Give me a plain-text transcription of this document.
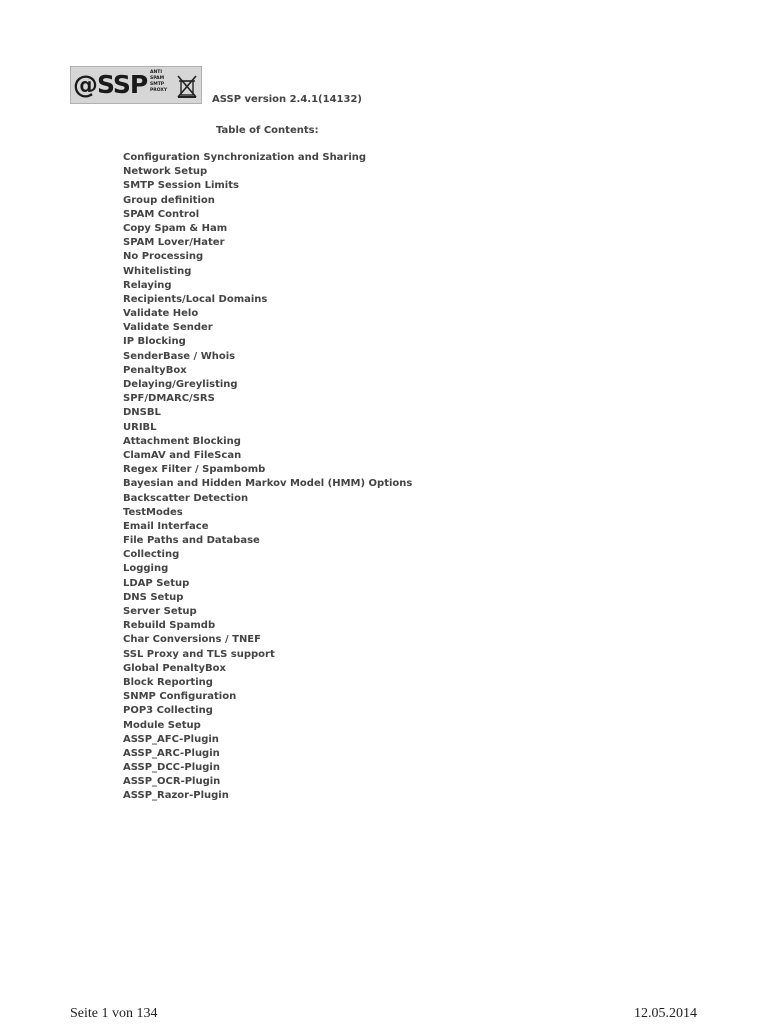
@SSP ANTI
SPAM
SMTP
PROXY
ASSP version 2.4.1(14132)
Table of Contents:
Configuration Synchronization and Sharing
Network Setup
SMTP Session Limits
Group definition
SPAM Control
Copy Spam & Ham
SPAM Lover/Hater
No Processing
Whitelisting
Relaying
Recipients/Local Domains
Validate Helo
Validate Sender
IP Blocking
SenderBase / Whois
PenaltyBox
Delaying/Greylisting
SPF/DMARC/SRS
DNSBL
URIBL
Attachment Blocking
ClamAV and FileScan
Regex Filter / Spambomb
Bayesian and Hidden Markov Model (HMM) Options
Backscatter Detection
TestModes
Email Interface
File Paths and Database
Collecting
Logging
LDAP Setup
DNS Setup
Server Setup
Rebuild Spamdb
Char Conversions / TNEF
SSL Proxy and TLS support
Global PenaltyBox
Block Reporting
SNMP Configuration
POP3 Collecting
Module Setup
ASSP_AFC-Plugin
ASSP_ARC-Plugin
ASSP_DCC-Plugin
ASSP_OCR-Plugin
ASSP_Razor-Plugin
Seite 1 von 134	12.05.2014
